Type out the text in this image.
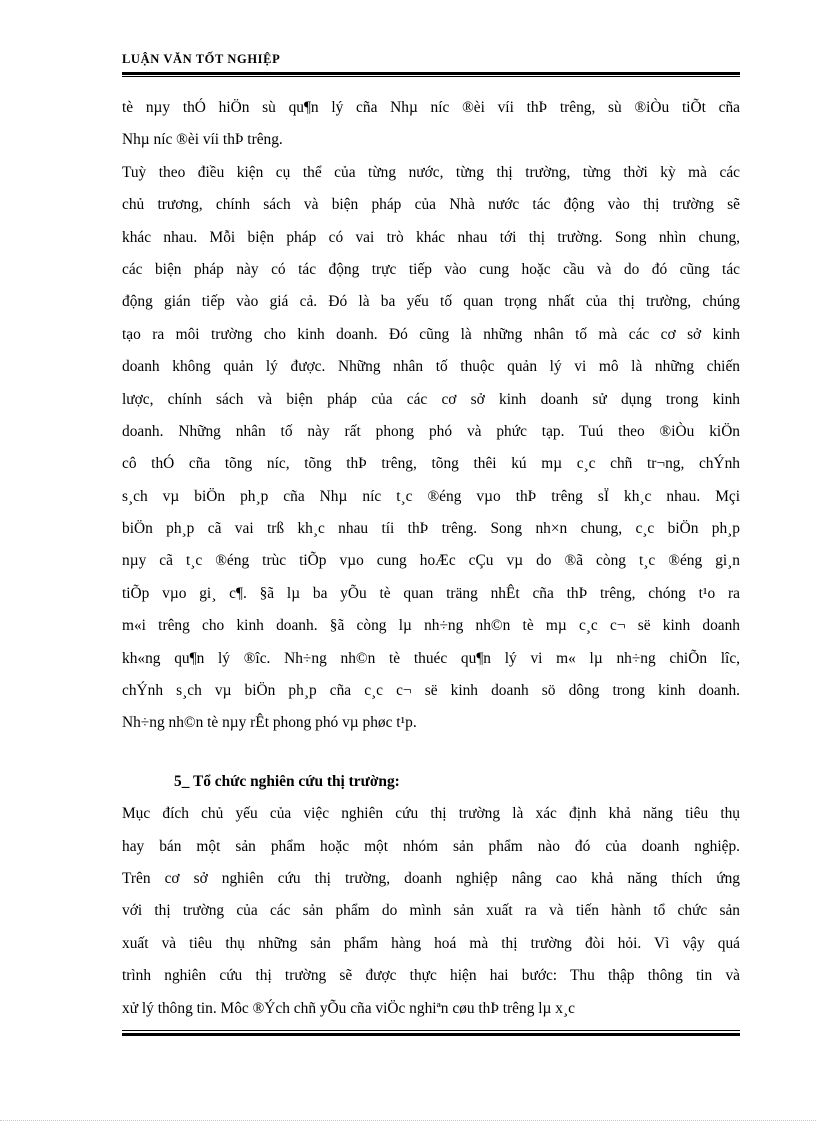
LUẬN VĂN TỐT NGHIỆP
tè nµy thÓ hiÖn sù qu¶n lý cña Nhµ níc ®èi víi thÞ trêng, sù ®iÒu tiÕt cña
Nhµ níc ®èi víi thÞ trêng.
Tuỳ theo điều kiện cụ thể của từng nước, từng thị trường, từng thời kỳ mà các
chủ trương, chính sách và biện pháp của Nhà nước tác động vào thị trường sẽ
khác nhau. Mỗi biện pháp có vai trò khác nhau tới thị trường. Song nhìn chung,
các biện pháp này có tác động trực tiếp vào cung hoặc cầu và do đó cũng tác
động gián tiếp vào giá cả. Đó là ba yếu tố quan trọng nhất của thị trường, chúng
tạo ra môi trường cho kinh doanh. Đó cũng là những nhân tố mà các cơ sở kinh
doanh không quản lý được. Những nhân tố thuộc quản lý vi mô là những chiến
lược, chính sách và biện pháp của các cơ sở kinh doanh sử dụng trong kinh
doanh. Những nhân tố này rất phong phó và phức tạp. Tuú theo ®iÒu kiÖn
cô thÓ cña tõng níc, tõng thÞ trêng, tõng thêi kú mµ c¸c chñ tr¬ng, chÝnh
s¸ch vµ biÖn ph¸p cña Nhµ níc t¸c ®éng vµo thÞ trêng sÏ kh¸c nhau. Mçi
biÖn ph¸p cã vai trß kh¸c nhau tíi thÞ trêng. Song nh×n chung, c¸c biÖn ph¸p
nµy cã t¸c ®éng trùc tiÕp vµo cung hoÆc cÇu vµ do ®ã còng t¸c ®éng gi¸n
tiÕp vµo gi¸ c¶. §ã lµ ba yÕu tè quan träng nhÊt cña thÞ trêng, chóng t¹o ra
m«i trêng cho kinh doanh. §ã còng lµ nh÷ng nh©n tè mµ c¸c c¬ së kinh doanh
kh«ng qu¶n lý ®îc. Nh÷ng nh©n tè thuéc qu¶n lý vi m« lµ nh÷ng chiÕn lîc,
chÝnh s¸ch vµ biÖn ph¸p cña c¸c c¬ së kinh doanh sö dông trong kinh doanh.
Nh÷ng nh©n tè nµy rÊt phong phó vµ phøc t¹p.
5_ Tổ chức nghiên cứu thị trường:
Mục đích chủ yếu của việc nghiên cứu thị trường là xác định khả năng tiêu thụ
hay bán một sản phẩm hoặc một nhóm sản phẩm nào đó của doanh nghiệp.
Trên cơ sở nghiên cứu thị trường, doanh nghiệp nâng cao khả năng thích ứng
với thị trường của các sản phẩm do mình sản xuất ra và tiến hành tổ chức sản
xuất và tiêu thụ những sản phẩm hàng hoá mà thị trường đòi hỏi. Vì vậy quá
trình nghiên cứu thị trường sẽ được thực hiện hai bước: Thu thập thông tin và
xử lý thông tin. Môc ®Ých chñ yÕu cña viÖc nghiªn cøu thÞ trêng lµ x¸c
